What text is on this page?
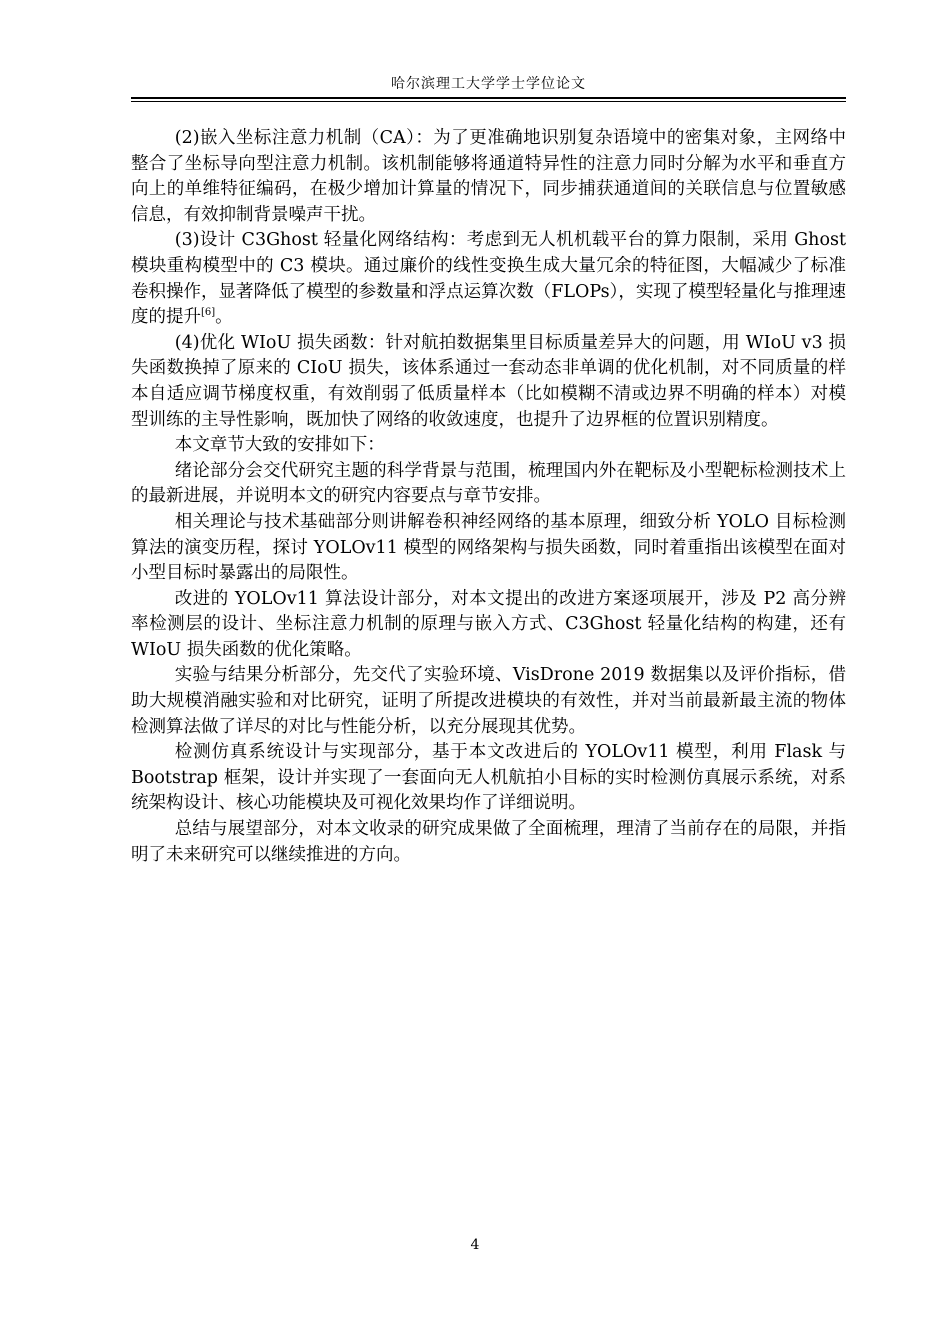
哈尔滨理工大学学士学位论文

(2)嵌入坐标注意力机制（CA）：为了更准确地识别复杂语境中的密集对象，主网络中整合了坐标导向型注意力机制。该机制能够将通道特异性的注意力同时分解为水平和垂直方向上的单维特征编码，在极少增加计算量的情况下，同步捕获通道间的关联信息与位置敏感信息，有效抑制背景噪声干扰。

(3)设计 C3Ghost 轻量化网络结构：考虑到无人机机载平台的算力限制，采用 Ghost 模块重构模型中的 C3 模块。通过廉价的线性变换生成大量冗余的特征图，大幅减少了标准卷积操作，显著降低了模型的参数量和浮点运算次数（FLOPs），实现了模型轻量化与推理速度的提升[6]。

(4)优化 WIoU 损失函数：针对航拍数据集里目标质量差异大的问题，用 WIoU v3 损失函数换掉了原来的 CIoU 损失，该体系通过一套动态非单调的优化机制，对不同质量的样本自适应调节梯度权重，有效削弱了低质量样本（比如模糊不清或边界不明确的样本）对模型训练的主导性影响，既加快了网络的收敛速度，也提升了边界框的位置识别精度。

本文章节大致的安排如下：

绪论部分会交代研究主题的科学背景与范围，梳理国内外在靶标及小型靶标检测技术上的最新进展，并说明本文的研究内容要点与章节安排。

相关理论与技术基础部分则讲解卷积神经网络的基本原理，细致分析 YOLO 目标检测算法的演变历程，探讨 YOLOv11 模型的网络架构与损失函数，同时着重指出该模型在面对小型目标时暴露出的局限性。

改进的 YOLOv11 算法设计部分，对本文提出的改进方案逐项展开，涉及 P2 高分辨率检测层的设计、坐标注意力机制的原理与嵌入方式、C3Ghost 轻量化结构的构建，还有 WIoU 损失函数的优化策略。

实验与结果分析部分，先交代了实验环境、VisDrone 2019 数据集以及评价指标，借助大规模消融实验和对比研究，证明了所提改进模块的有效性，并对当前最新最主流的物体检测算法做了详尽的对比与性能分析，以充分展现其优势。

检测仿真系统设计与实现部分，基于本文改进后的 YOLOv11 模型，利用 Flask 与 Bootstrap 框架，设计并实现了一套面向无人机航拍小目标的实时检测仿真展示系统，对系统架构设计、核心功能模块及可视化效果均作了详细说明。

总结与展望部分，对本文收录的研究成果做了全面梳理，理清了当前存在的局限，并指明了未来研究可以继续推进的方向。

4
